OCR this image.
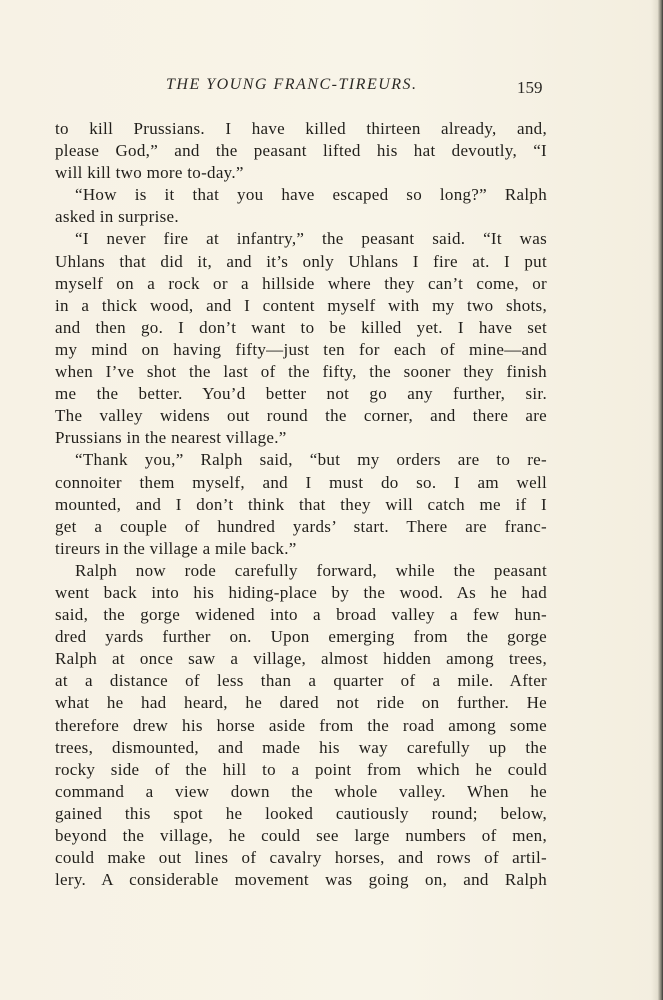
THE YOUNG FRANC-TIREURS.	159
to kill Prussians. I have killed thirteen already, and,
please God,” and the peasant lifted his hat devoutly, “I
will kill two more to-day.”
“How is it that you have escaped so long?” Ralph
asked in surprise.
“I never fire at infantry,” the peasant said. “It was
Uhlans that did it, and it’s only Uhlans I fire at. I put
myself on a rock or a hillside where they can’t come, or
in a thick wood, and I content myself with my two shots,
and then go. I don’t want to be killed yet. I have set
my mind on having fifty—just ten for each of mine—and
when I’ve shot the last of the fifty, the sooner they finish
me the better. You’d better not go any further, sir.
The valley widens out round the corner, and there are
Prussians in the nearest village.”
“Thank you,” Ralph said, “but my orders are to re-
connoiter them myself, and I must do so. I am well
mounted, and I don’t think that they will catch me if I
get a couple of hundred yards’ start. There are franc-
tireurs in the village a mile back.”
Ralph now rode carefully forward, while the peasant
went back into his hiding-place by the wood. As he had
said, the gorge widened into a broad valley a few hun-
dred yards further on. Upon emerging from the gorge
Ralph at once saw a village, almost hidden among trees,
at a distance of less than a quarter of a mile. After
what he had heard, he dared not ride on further. He
therefore drew his horse aside from the road among some
trees, dismounted, and made his way carefully up the
rocky side of the hill to a point from which he could
command a view down the whole valley. When he
gained this spot he looked cautiously round; below,
beyond the village, he could see large numbers of men,
could make out lines of cavalry horses, and rows of artil-
lery. A considerable movement was going on, and Ralph
